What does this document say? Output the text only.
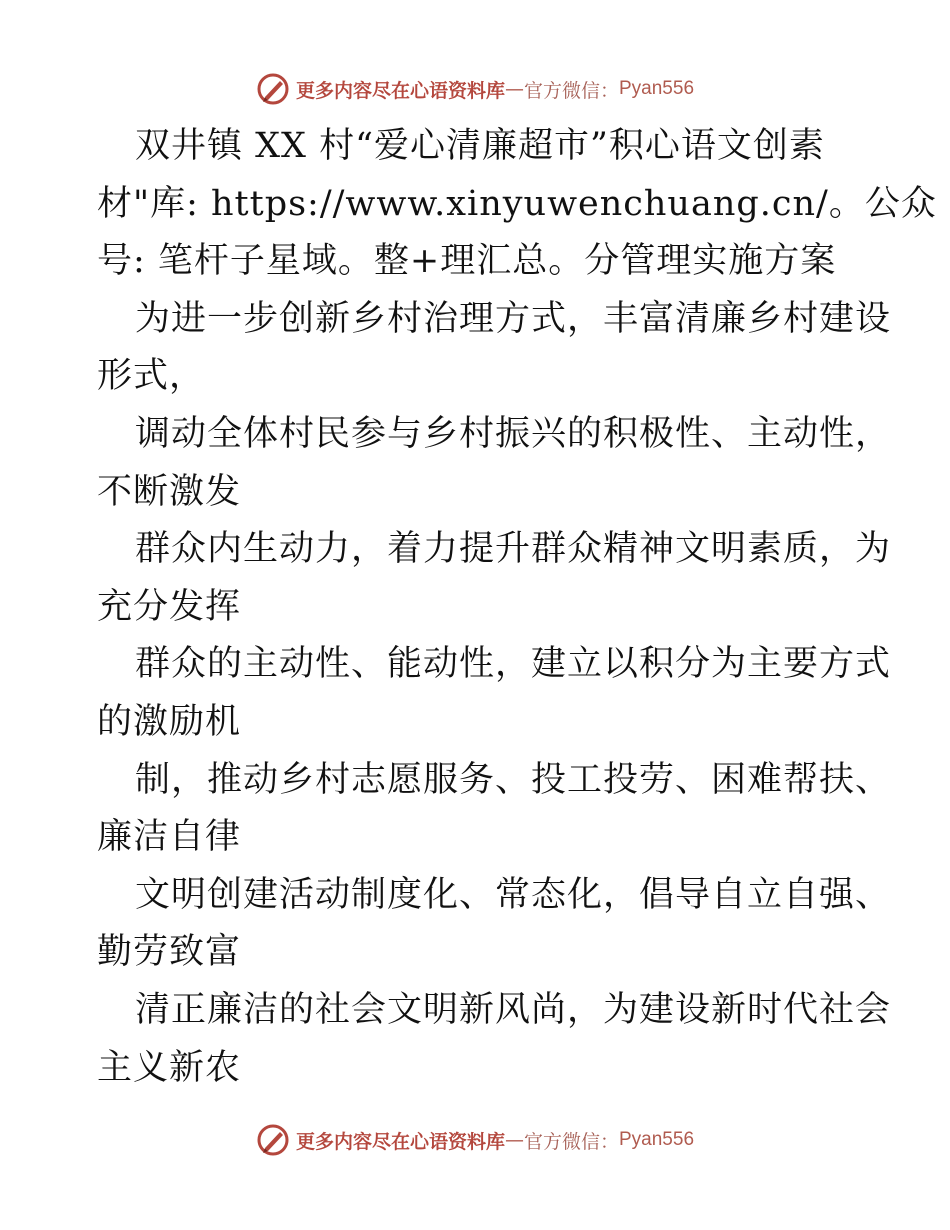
更多内容尽在心语资料库 — 官方微信： Pyan556
双井镇 XX 村“爱心清廉超市”积心语文创素
材"库: https://www.xinyuwenchuang.cn/。公众
号: 笔杆子星域。整+理汇总。分管理实施方案
为进一步创新乡村治理方式，丰富清廉乡村建设
形式，
调动全体村民参与乡村振兴的积极性、主动性，
不断激发
群众内生动力，着力提升群众精神文明素质，为
充分发挥
群众的主动性、能动性，建立以积分为主要方式
的激励机
制，推动乡村志愿服务、投工投劳、困难帮扶、
廉洁自律
文明创建活动制度化、常态化，倡导自立自强、
勤劳致富
清正廉洁的社会文明新风尚，为建设新时代社会
主义新农
更多内容尽在心语资料库 — 官方微信： Pyan556
